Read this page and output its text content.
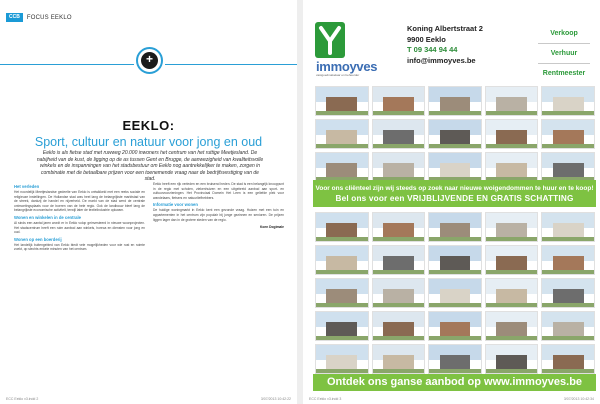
CCB	FOCUS EEKLO
+
EEKLO:
Sport, cultuur en natuur voor jong en oud
Eeklo is als fietse stad met ruwweg 20.000 inwoners het centrum van het ruttige Meetjesland. De nabijheid van de kust, de ligging op de as tussen Gent en Brugge, de aanwezigheid van kwaliteitsvolle winkels en de inspanningen van het stadsbestuur om Eeklo nog aantrekkelijker te maken, zorgen in combinatie met de betaalbare prijzen voor een toenemende vraag naar de bedrijfsvestiging van de stad.
Het verleden

Het noordelijk Meetjeslandse gedeelte van Eeklo is ontwikkeld met een reeks sociale en religieuze instellingen. De Hollandse stad was heel lang de belangrijkste marktstad van de streek, dankzij de handel en nijverheid. De markt van de stad werd de centrale ontmoetingsplaats voor de boeren van de hele regio. Ook de landbouw bleef lang de belangrijkste economische activiteit, terwijl later de textielindustrie opkwam.

Wonen en winkelen in de centrale

Al sinds een aantal jaren wordt er in Eeklo volop geinvesteerd in nieuwe woonprojecten. Het stadscentrum heeft een ruim aanbod aan winkels, horeca en diensten voor jong en oud.

Wonen op een boerderij

Het landelijk buitengebied van Eeklo biedt vele mogelijkheden voor wie rust en ruimte zoekt, op slechts enkele minuten van het centrum.

Eeklo heeft een rijk verleden en een bruisend heden. De stad is een belangrijk knooppunt in de regio met scholen, ziekenhuizen en een uitgebreid aanbod aan sport- en cultuurvoorzieningen. Het Provinciaal Domein Het Leen is een geliefde plek voor wandelaars, fietsers en natuurliefhebbers.

Informatie voor wonen

De huidige woningmarkt in Eeklo kent een gezonde vraag. Huizen met een tuin en appartementen in het centrum zijn populair bij jonge gezinnen en senioren. De prijzen liggen lager dan in de grotere steden van de regio.

Koen Dogimale
ECC Eeklo v3.indd 2	3/07/2013 10:42:22
immoyves
vastgoedmakelaar en beheerder
Koning Albertstraat 2
9900 Eeklo
T 09 344 94 44
info@immoyves.be
Verkoop
Verhuur
Rentmeester
Voor ons cliënteel zijn wij steeds op zoek naar nieuwe woigendommen te huur en te koop!
Bel ons voor een VRIJBLIJVENDE EN GRATIS SCHATTING
Ontdek ons ganse aanbod op www.immoyves.be
ECC Eeklo v3.indd 3	3/07/2013 10:42:34
